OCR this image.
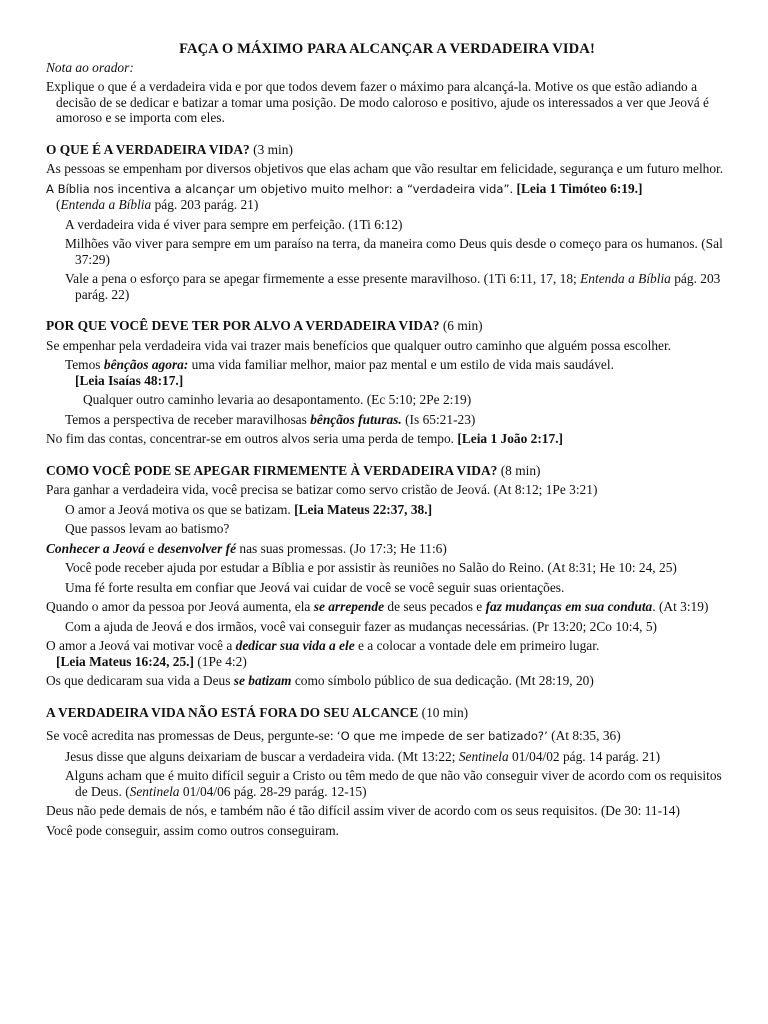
FAÇA O MÁXIMO PARA ALCANÇAR A VERDADEIRA VIDA!

Nota ao orador:

Explique o que é a verdadeira vida e por que todos devem fazer o máximo para alcançá-la. Motive os que estão adiando a decisão de se dedicar e batizar a tomar uma posição. De modo caloroso e positivo, ajude os interessados a ver que Jeová é amoroso e se importa com eles.

O QUE É A VERDADEIRA VIDA? (3 min)

As pessoas se empenham por diversos objetivos que elas acham que vão resultar em felicidade, segurança e um futuro melhor.

A Bíblia nos incentiva a alcançar um objetivo muito melhor: a “verdadeira vida”. [Leia 1 Timóteo 6:19.]
(Entenda a Bíblia pág. 203 parág. 21)

A verdadeira vida é viver para sempre em perfeição. (1Ti 6:12)

Milhões vão viver para sempre em um paraíso na terra, da maneira como Deus quis desde o começo para os humanos. (Sal 37:29)

Vale a pena o esforço para se apegar firmemente a esse presente maravilhoso. (1Ti 6:11, 17, 18; Entenda a Bíblia pág. 203 parág. 22)

POR QUE VOCÊ DEVE TER POR ALVO A VERDADEIRA VIDA? (6 min)

Se empenhar pela verdadeira vida vai trazer mais benefícios que qualquer outro caminho que alguém possa escolher.

Temos bênçãos agora: uma vida familiar melhor, maior paz mental e um estilo de vida mais saudável.
[Leia Isaías 48:17.]

Qualquer outro caminho levaria ao desapontamento. (Ec 5:10; 2Pe 2:19)

Temos a perspectiva de receber maravilhosas bênçãos futuras. (Is 65:21-23)

No fim das contas, concentrar-se em outros alvos seria uma perda de tempo. [Leia 1 João 2:17.]

COMO VOCÊ PODE SE APEGAR FIRMEMENTE À VERDADEIRA VIDA? (8 min)

Para ganhar a verdadeira vida, você precisa se batizar como servo cristão de Jeová. (At 8:12; 1Pe 3:21)

O amor a Jeová motiva os que se batizam. [Leia Mateus 22:37, 38.]

Que passos levam ao batismo?

Conhecer a Jeová e desenvolver fé nas suas promessas. (Jo 17:3; He 11:6)

Você pode receber ajuda por estudar a Bíblia e por assistir às reuniões no Salão do Reino. (At 8:31; He 10: 24, 25)

Uma fé forte resulta em confiar que Jeová vai cuidar de você se você seguir suas orientações.

Quando o amor da pessoa por Jeová aumenta, ela se arrepende de seus pecados e faz mudanças em sua conduta. (At 3:19)

Com a ajuda de Jeová e dos irmãos, você vai conseguir fazer as mudanças necessárias. (Pr 13:20; 2Co 10:4, 5)

O amor a Jeová vai motivar você a dedicar sua vida a ele e a colocar a vontade dele em primeiro lugar.
[Leia Mateus 16:24, 25.] (1Pe 4:2)

Os que dedicaram sua vida a Deus se batizam como símbolo público de sua dedicação. (Mt 28:19, 20)

A VERDADEIRA VIDA NÃO ESTÁ FORA DO SEU ALCANCE (10 min)

Se você acredita nas promessas de Deus, pergunte-se: ‘O que me impede de ser batizado?’ (At 8:35, 36)

Jesus disse que alguns deixariam de buscar a verdadeira vida. (Mt 13:22; Sentinela 01/04/02 pág. 14 parág. 21)

Alguns acham que é muito difícil seguir a Cristo ou têm medo de que não vão conseguir viver de acordo com os requisitos de Deus. (Sentinela 01/04/06 pág. 28-29 parág. 12-15)

Deus não pede demais de nós, e também não é tão difícil assim viver de acordo com os seus requisitos. (De 30: 11-14)

Você pode conseguir, assim como outros conseguiram.
